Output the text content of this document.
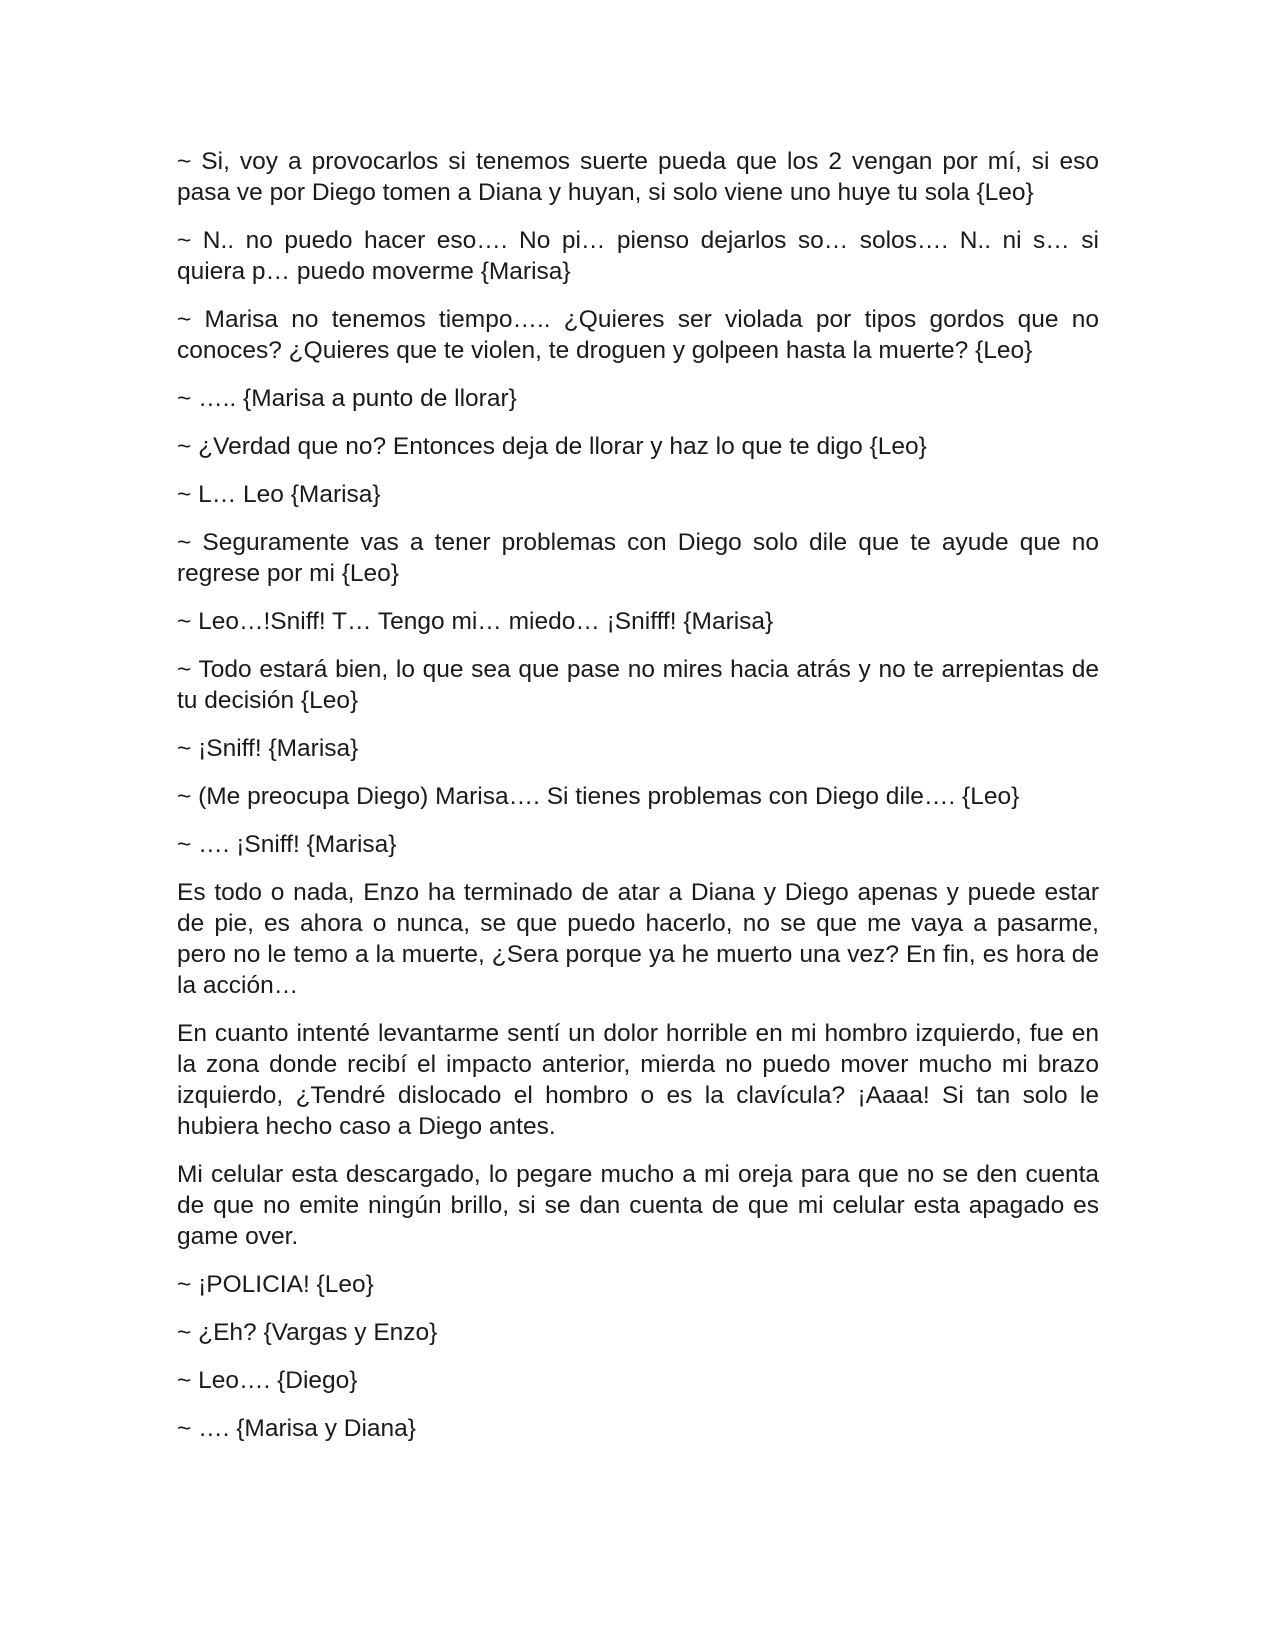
~ Si, voy a provocarlos si tenemos suerte pueda que los 2 vengan por mí, si eso pasa ve por Diego tomen a Diana y huyan, si solo viene uno huye tu sola {Leo}

~ N.. no puedo hacer eso…. No pi… pienso dejarlos so… solos…. N.. ni s… si quiera p… puedo moverme {Marisa}

~ Marisa no tenemos tiempo….. ¿Quieres ser violada por tipos gordos que no conoces? ¿Quieres que te violen, te droguen y golpeen hasta la muerte? {Leo}

~ ….. {Marisa a punto de llorar}

~ ¿Verdad que no? Entonces deja de llorar y haz lo que te digo {Leo}

~ L… Leo {Marisa}

~ Seguramente vas a tener problemas con Diego solo dile que te ayude que no regrese por mi {Leo}

~ Leo…!Sniff! T… Tengo mi… miedo… ¡Snifff! {Marisa}

~ Todo estará bien, lo que sea que pase no mires hacia atrás y no te arrepientas de tu decisión {Leo}

~ ¡Sniff! {Marisa}

~ (Me preocupa Diego) Marisa…. Si tienes problemas con Diego dile…. {Leo}

~ …. ¡Sniff! {Marisa}

Es todo o nada, Enzo ha terminado de atar a Diana y Diego apenas y puede estar de pie, es ahora o nunca, se que puedo hacerlo, no se que me vaya a pasarme, pero no le temo a la muerte, ¿Sera porque ya he muerto una vez? En fin, es hora de la acción…

En cuanto intenté levantarme sentí un dolor horrible en mi hombro izquierdo, fue en la zona donde recibí el impacto anterior, mierda no puedo mover mucho mi brazo izquierdo, ¿Tendré dislocado el hombro o es la clavícula? ¡Aaaa! Si tan solo le hubiera hecho caso a Diego antes.

Mi celular esta descargado, lo pegare mucho a mi oreja para que no se den cuenta de que no emite ningún brillo, si se dan cuenta de que mi celular esta apagado es game over.

~ ¡POLICIA! {Leo}

~ ¿Eh? {Vargas y Enzo}

~ Leo…. {Diego}

~ …. {Marisa y Diana}
